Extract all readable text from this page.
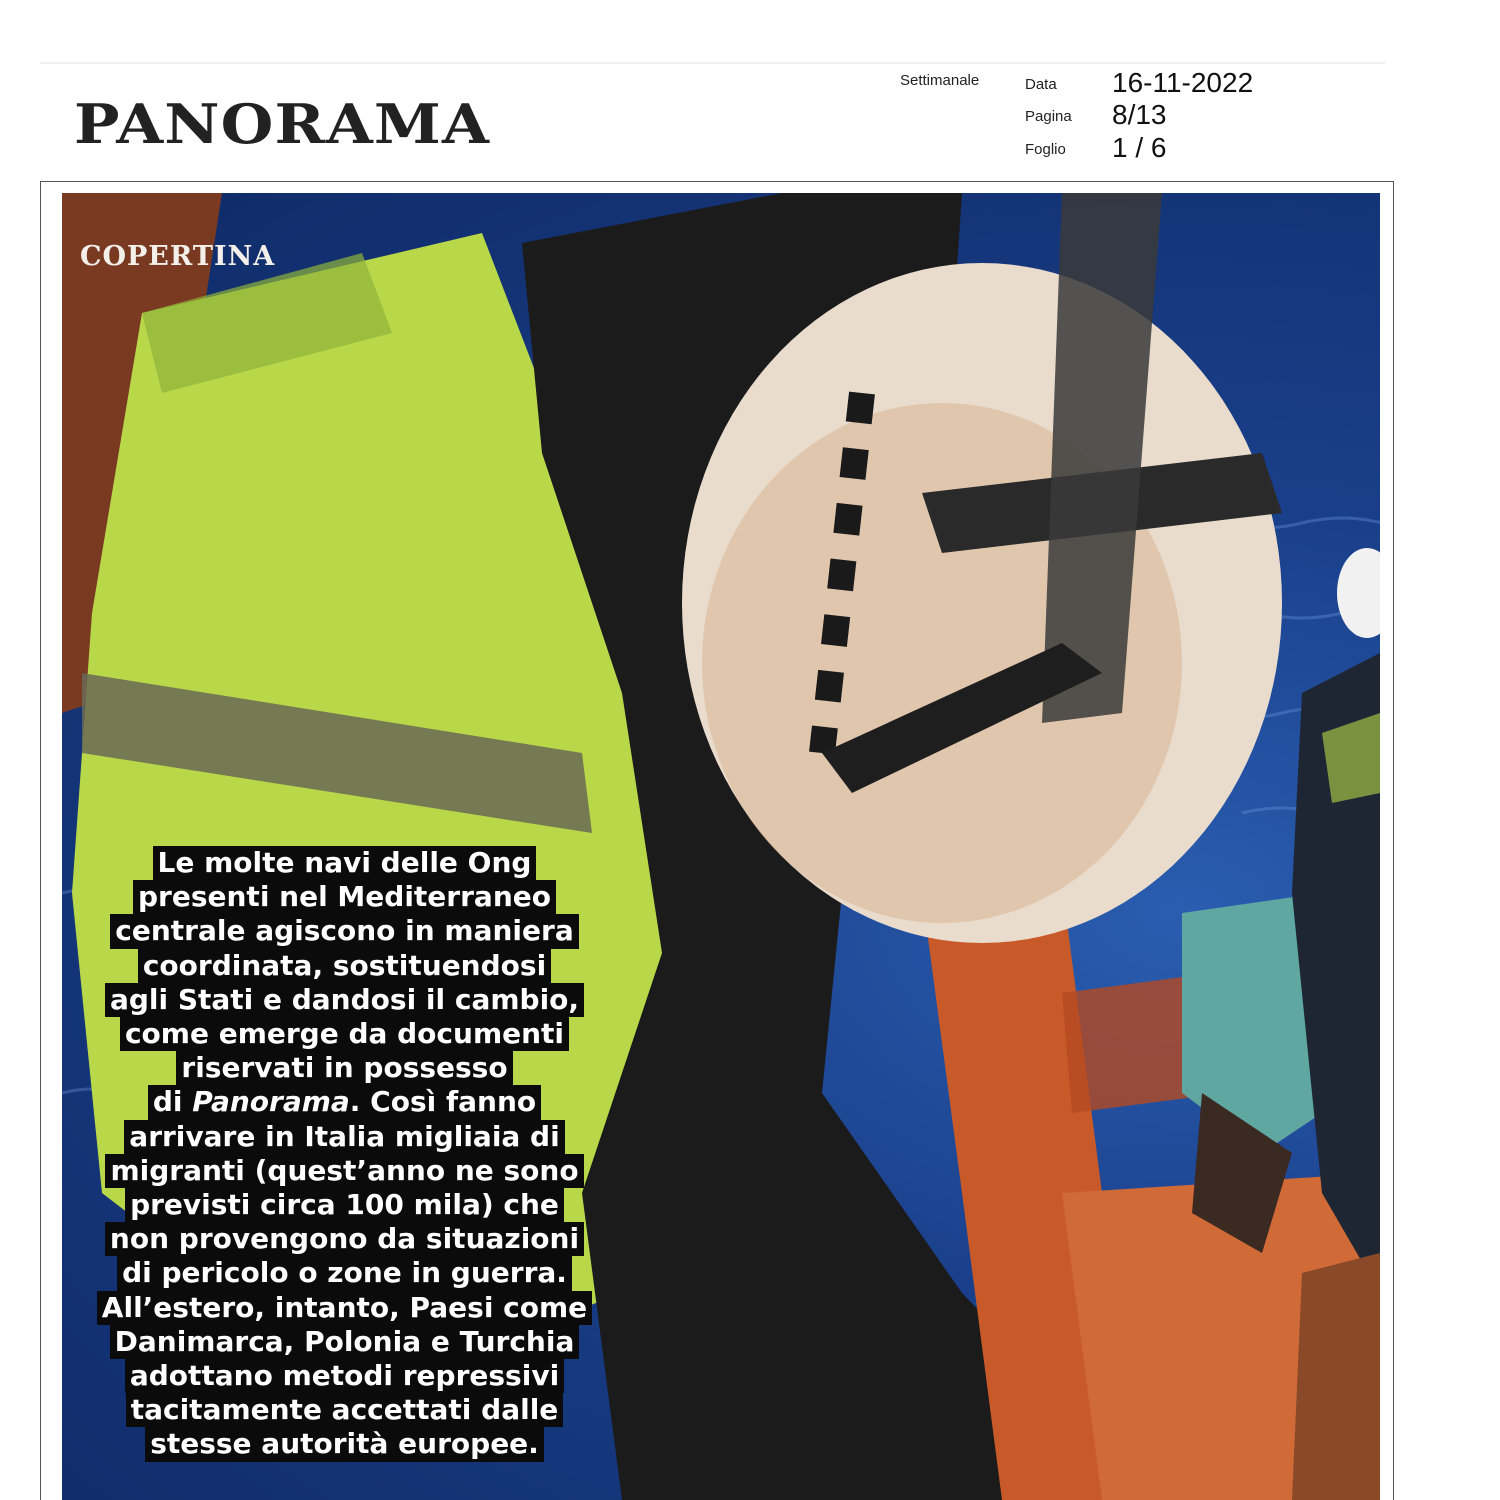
PANORAMA
Settimanale	Data 16-11-2022
Pagina 8/13
Foglio 1 / 6
COPERTINA
Le molte navi delle Ong
presenti nel Mediterraneo
centrale agiscono in maniera
coordinata, sostituendosi
agli Stati e dandosi il cambio,
come emerge da documenti
riservati in possesso
di Panorama. Così fanno
arrivare in Italia migliaia di
migranti (quest’anno ne sono
previsti circa 100 mila) che
non provengono da situazioni
di pericolo o zone in guerra.
All’estero, intanto, Paesi come
Danimarca, Polonia e Turchia
adottano metodi repressivi
tacitamente accettati dalle
stesse autorità europee.
